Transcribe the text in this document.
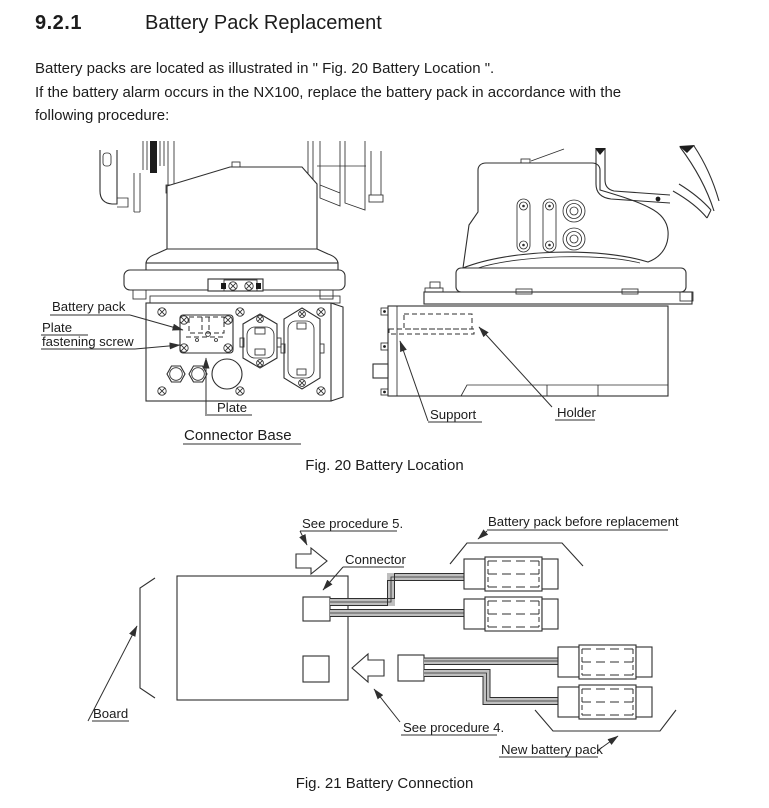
9.2.1	Battery Pack Replacement
Battery packs are located as illustrated in " Fig. 20 Battery Location ".
If the battery alarm occurs in the NX100, replace the battery pack in accordance with the
following procedure:
Battery pack
Plate
fastening screw
Plate
Connector Base
Support	Holder
Fig. 20 Battery Location
See procedure 5.	Battery pack before replacement
Connector
Board
See procedure 4.
New battery pack
Fig. 21 Battery Connection
